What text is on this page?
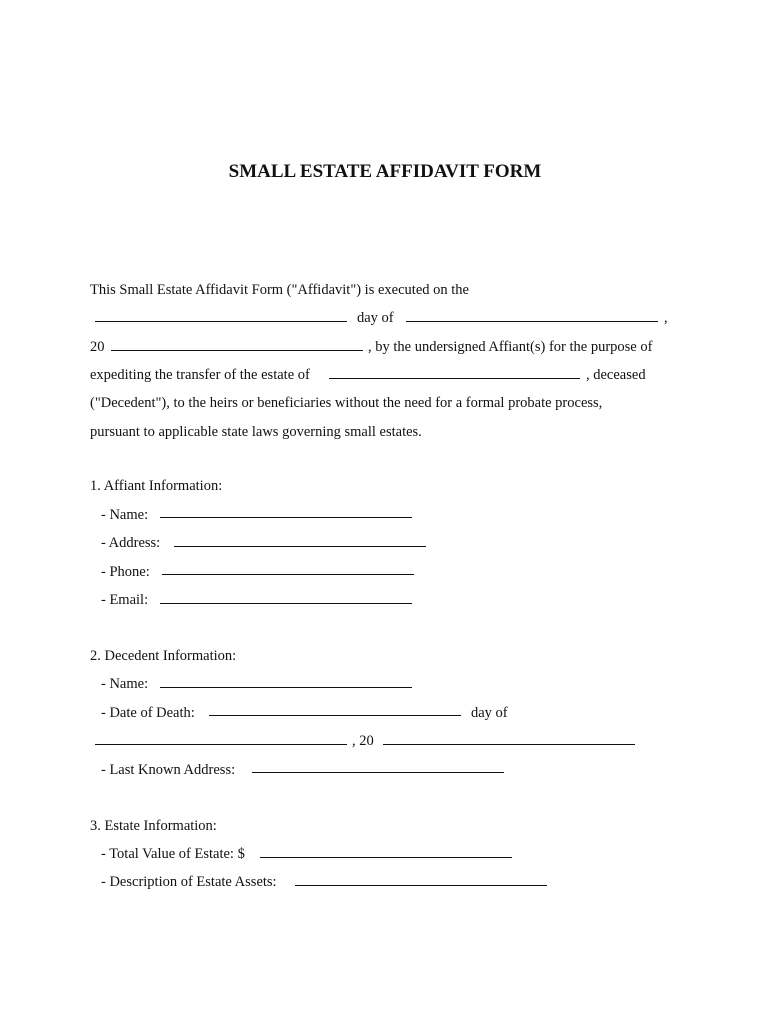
SMALL ESTATE AFFIDAVIT FORM
This Small Estate Affidavit Form ("Affidavit") is executed on the
day of	,
20	, by the undersigned Affiant(s) for the purpose of
expediting the transfer of the estate of	, deceased
("Decedent"), to the heirs or beneficiaries without the need for a formal probate process,
pursuant to applicable state laws governing small estates.
1. Affiant Information:
- Name:
- Address:
- Phone:
- Email:
2. Decedent Information:
- Name:
- Date of Death:	day of
, 20
- Last Known Address:
3. Estate Information:
- Total Value of Estate: $
- Description of Estate Assets:
